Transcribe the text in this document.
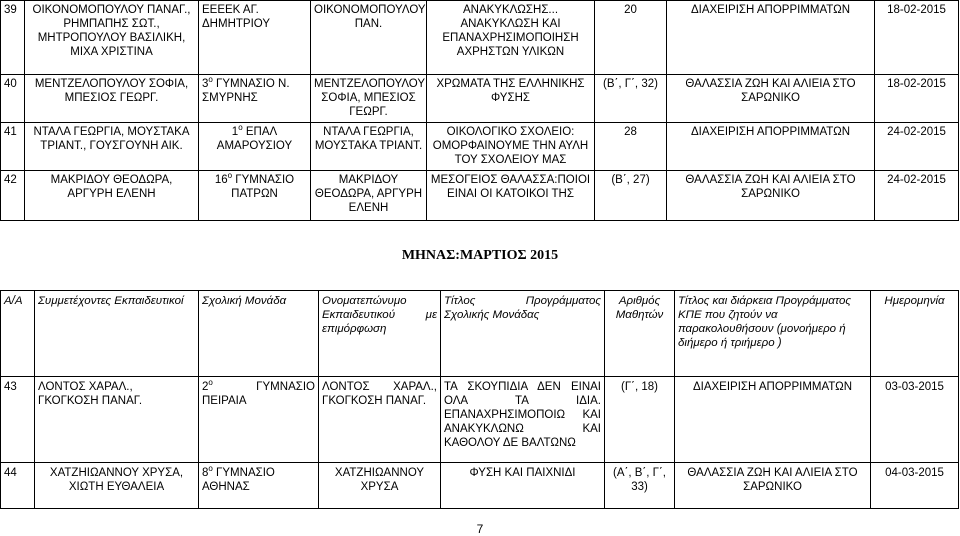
39	ΟΙΚΟΝΟΜΟΠΟΥΛΟΥ ΠΑΝΑΓ., ΡΗΜΠΑΠΗΣ ΣΩΤ., ΜΗΤΡΟΠΟΥΛΟΥ ΒΑΣΙΛΙΚΗ, ΜΙΧΑ ΧΡΙΣΤΙΝΑ	ΕΕΕΕΚ ΑΓ. ΔΗΜΗΤΡΙΟΥ	ΟΙΚΟΝΟΜΟΠΟΥΛΟΥ ΠΑΝ.	ΑΝΑΚΥΚΛΩΣΗΣ... ΑΝΑΚΥΚΛΩΣΗ ΚΑΙ ΕΠΑΝΑΧΡΗΣΙΜΟΠΟΙΗΣΗ ΑΧΡΗΣΤΩΝ ΥΛΙΚΩΝ	20	ΔΙΑΧΕΙΡΙΣΗ ΑΠΟΡΡΙΜΜΑΤΩΝ	18-02-2015
40	ΜΕΝΤΖΕΛΟΠΟΥΛΟΥ ΣΟΦΙΑ, ΜΠΕΣΙΟΣ ΓΕΩΡΓ.	$3^o$ ΓΥΜΝΑΣΙΟ Ν. ΣΜΥΡΝΗΣ	ΜΕΝΤΖΕΛΟΠΟΥΛΟΥ ΣΟΦΙΑ, ΜΠΕΣΙΟΣ ΓΕΩΡΓ.	ΧΡΩΜΑΤΑ ΤΗΣ ΕΛΛΗΝΙΚΗΣ ΦΥΣΗΣ	(Β΄, Γ΄, 32)	ΘΑΛΑΣΣΙΑ ΖΩΗ ΚΑΙ ΑΛΙΕΙΑ ΣΤΟ ΣΑΡΩΝΙΚΟ	18-02-2015
41	ΝΤΑΛΑ ΓΕΩΡΓΙΑ, ΜΟΥΣΤΑΚΑ ΤΡΙΑΝΤ., ΓΟΥΣΓΟΥΝΗ ΑΙΚ.	$1^o$ ΕΠΑΛ ΑΜΑΡΟΥΣΙΟΥ	ΝΤΑΛΑ ΓΕΩΡΓΙΑ, ΜΟΥΣΤΑΚΑ ΤΡΙΑΝΤ.	ΟΙΚΟΛΟΓΙΚΟ ΣΧΟΛΕΙΟ: ΟΜΟΡΦΑΙΝΟΥΜΕ ΤΗΝ ΑΥΛΗ ΤΟΥ ΣΧΟΛΕΙΟΥ ΜΑΣ	28	ΔΙΑΧΕΙΡΙΣΗ ΑΠΟΡΡΙΜΜΑΤΩΝ	24-02-2015
42	ΜΑΚΡΙΔΟΥ ΘΕΟΔΩΡΑ, ΑΡΓΥΡΗ ΕΛΕΝΗ	$16^o$ ΓΥΜΝΑΣΙΟ ΠΑΤΡΩΝ	ΜΑΚΡΙΔΟΥ ΘΕΟΔΩΡΑ, ΑΡΓΥΡΗ ΕΛΕΝΗ	ΜΕΣΟΓΕΙΟΣ ΘΑΛΑΣΣΑ:ΠΟΙΟΙ ΕΙΝΑΙ ΟΙ ΚΑΤΟΙΚΟΙ ΤΗΣ	(Β΄, 27)	ΘΑΛΑΣΣΙΑ ΖΩΗ ΚΑΙ ΑΛΙΕΙΑ ΣΤΟ ΣΑΡΩΝΙΚΟ	24-02-2015
ΜΗΝΑΣ:ΜΑΡΤΙΟΣ 2015
Α/Α	Συμμετέχοντες Εκπαιδευτικοί	Σχολική Μονάδα	Ονοματεπώνυμο Εκπαιδευτικού με επιμόρφωση	Τίτλος Προγράμματος Σχολικής Μονάδας	Αριθμός Μαθητών	Τίτλος και διάρκεια Προγράμματος ΚΠΕ που ζητούν να παρακολουθήσουν (μονοήμερο ή διήμερο ή τριήμερο )	Ημερομηνία
43	ΛΟΝΤΟΣ ΧΑΡΑΛ., ΓΚΟΓΚΟΣΗ ΠΑΝΑΓ.	$2^o$ ΓΥΜΝΑΣΙΟ ΠΕΙΡΑΙΑ	ΛΟΝΤΟΣ ΧΑΡΑΛ., ΓΚΟΓΚΟΣΗ ΠΑΝΑΓ.	ΤΑ ΣΚΟΥΠΙΔΙΑ ΔΕΝ ΕΙΝΑΙ ΟΛΑ ΤΑ ΙΔΙΑ. ΕΠΑΝΑΧΡΗΣΙΜΟΠΟΙΩ ΚΑΙ ΑΝΑΚΥΚΛΩΝΩ ΚΑΙ ΚΑΘΟΛΟΥ ΔΕ ΒΑΛΤΩΝΩ	(Γ΄, 18)	ΔΙΑΧΕΙΡΙΣΗ ΑΠΟΡΡΙΜΜΑΤΩΝ	03-03-2015
44	ΧΑΤΖΗΙΩΑΝΝΟΥ ΧΡΥΣΑ, ΧΙΩΤΗ ΕΥΘΑΛΕΙΑ	$8^o$ ΓΥΜΝΑΣΙΟ ΑΘΗΝΑΣ	ΧΑΤΖΗΙΩΑΝΝΟΥ ΧΡΥΣΑ	ΦΥΣΗ ΚΑΙ ΠΑΙΧΝΙΔΙ	(Α΄, Β΄, Γ΄, 33)	ΘΑΛΑΣΣΙΑ ΖΩΗ ΚΑΙ ΑΛΙΕΙΑ ΣΤΟ ΣΑΡΩΝΙΚΟ	04-03-2015
7
